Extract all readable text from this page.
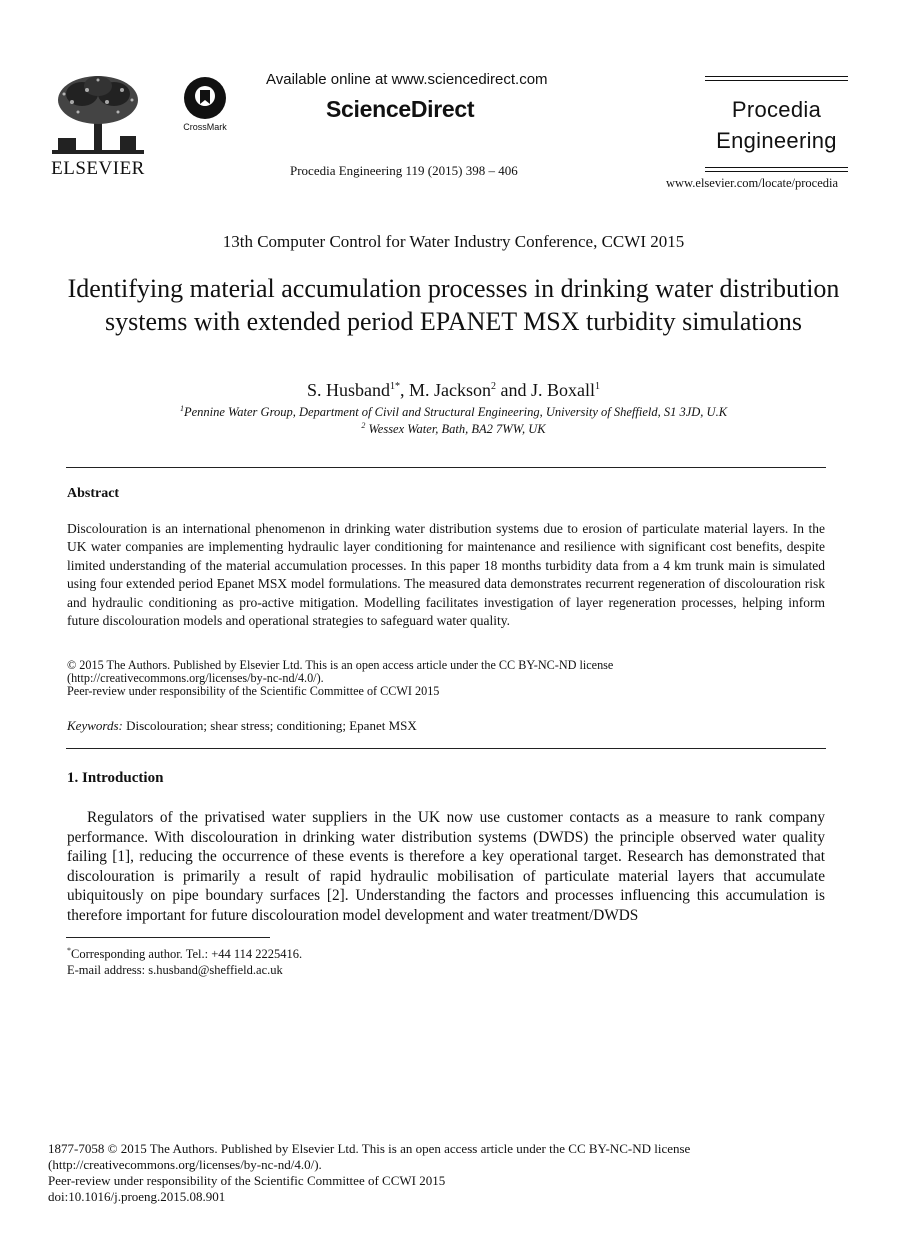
ELSEVIER
CrossMark
Available online at www.sciencedirect.com
ScienceDirect
Procedia Engineering 119 (2015) 398 – 406
Procedia
Engineering
www.elsevier.com/locate/procedia
13th Computer Control for Water Industry Conference, CCWI 2015
Identifying material accumulation processes in drinking water distribution systems with extended period EPANET MSX turbidity simulations
S. Husband$^{1*}$, M. Jackson$^2$ and J. Boxall$^1$
$^1$Pennine Water Group, Department of Civil and Structural Engineering, University of Sheffield, S1 3JD, U.K
$^2$ Wessex Water, Bath, BA2 7WW, UK
Abstract
Discolouration is an international phenomenon in drinking water distribution systems due to erosion of particulate material layers. In the UK water companies are implementing hydraulic layer conditioning for maintenance and resilience with significant cost benefits, despite limited understanding of the material accumulation processes. In this paper 18 months turbidity data from a 4 km trunk main is simulated using four extended period Epanet MSX model formulations. The measured data demonstrates recurrent regeneration of discolouration risk and hydraulic conditioning as pro-active mitigation. Modelling facilitates investigation of layer regeneration processes, helping inform future discolouration models and operational strategies to safeguard water quality.
© 2015 The Authors. Published by Elsevier Ltd. This is an open access article under the CC BY-NC-ND license
(http://creativecommons.org/licenses/by-nc-nd/4.0/).
Peer-review under responsibility of the Scientific Committee of CCWI 2015
Keywords: Discolouration; shear stress; conditioning; Epanet MSX
1. Introduction
Regulators of the privatised water suppliers in the UK now use customer contacts as a measure to rank company performance. With discolouration in drinking water distribution systems (DWDS) the principle observed water quality failing [1], reducing the occurrence of these events is therefore a key operational target. Research has demonstrated that discolouration is primarily a result of rapid hydraulic mobilisation of particulate material layers that accumulate ubiquitously on pipe boundary surfaces [2]. Understanding the factors and processes influencing this accumulation is therefore important for future discolouration model development and water treatment/DWDS
*Corresponding author. Tel.: +44 114 2225416.
E-mail address: s.husband@sheffield.ac.uk
1877-7058 © 2015 The Authors. Published by Elsevier Ltd. This is an open access article under the CC BY-NC-ND license
(http://creativecommons.org/licenses/by-nc-nd/4.0/).
Peer-review under responsibility of the Scientific Committee of CCWI 2015
doi:10.1016/j.proeng.2015.08.901
